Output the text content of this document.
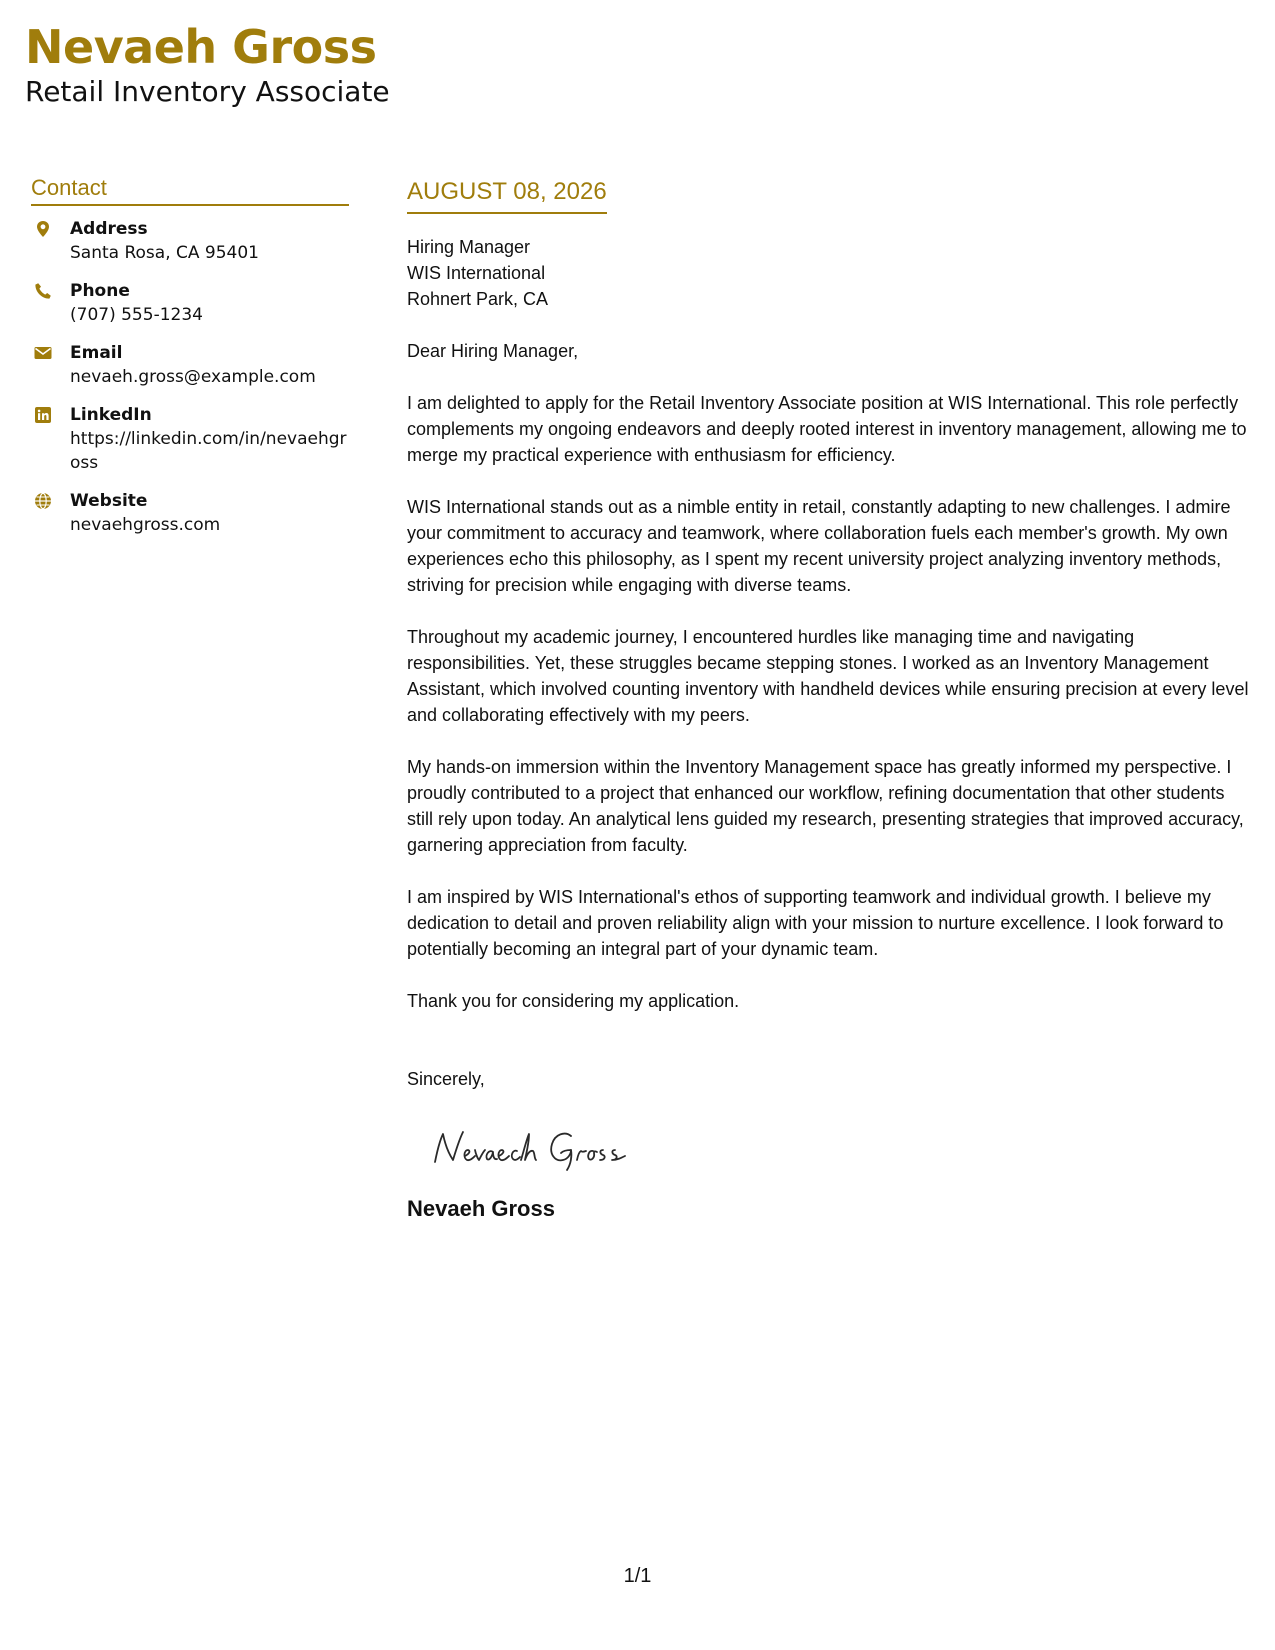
Nevaeh Gross
Retail Inventory Associate
Contact
Address
Santa Rosa, CA 95401
Phone
(707) 555-1234
Email
nevaeh.gross@example.com
LinkedIn
https://linkedin.com/in/nevaehgross
Website
nevaehgross.com
AUGUST 08, 2026
Hiring Manager
WIS International
Rohnert Park, CA

Dear Hiring Manager,

I am delighted to apply for the Retail Inventory Associate position at WIS International. This role perfectly complements my ongoing endeavors and deeply rooted interest in inventory management, allowing me to merge my practical experience with enthusiasm for efficiency.

WIS International stands out as a nimble entity in retail, constantly adapting to new challenges. I admire your commitment to accuracy and teamwork, where collaboration fuels each member's growth. My own experiences echo this philosophy, as I spent my recent university project analyzing inventory methods, striving for precision while engaging with diverse teams.

Throughout my academic journey, I encountered hurdles like managing time and navigating responsibilities. Yet, these struggles became stepping stones. I worked as an Inventory Management Assistant, which involved counting inventory with handheld devices while ensuring precision at every level and collaborating effectively with my peers.

My hands-on immersion within the Inventory Management space has greatly informed my perspective. I proudly contributed to a project that enhanced our workflow, refining documentation that other students still rely upon today. An analytical lens guided my research, presenting strategies that improved accuracy, garnering appreciation from faculty.

I am inspired by WIS International's ethos of supporting teamwork and individual growth. I believe my dedication to detail and proven reliability align with your mission to nurture excellence. I look forward to potentially becoming an integral part of your dynamic team.

Thank you for considering my application.

Sincerely,
Nevaeh Gross
1/1
